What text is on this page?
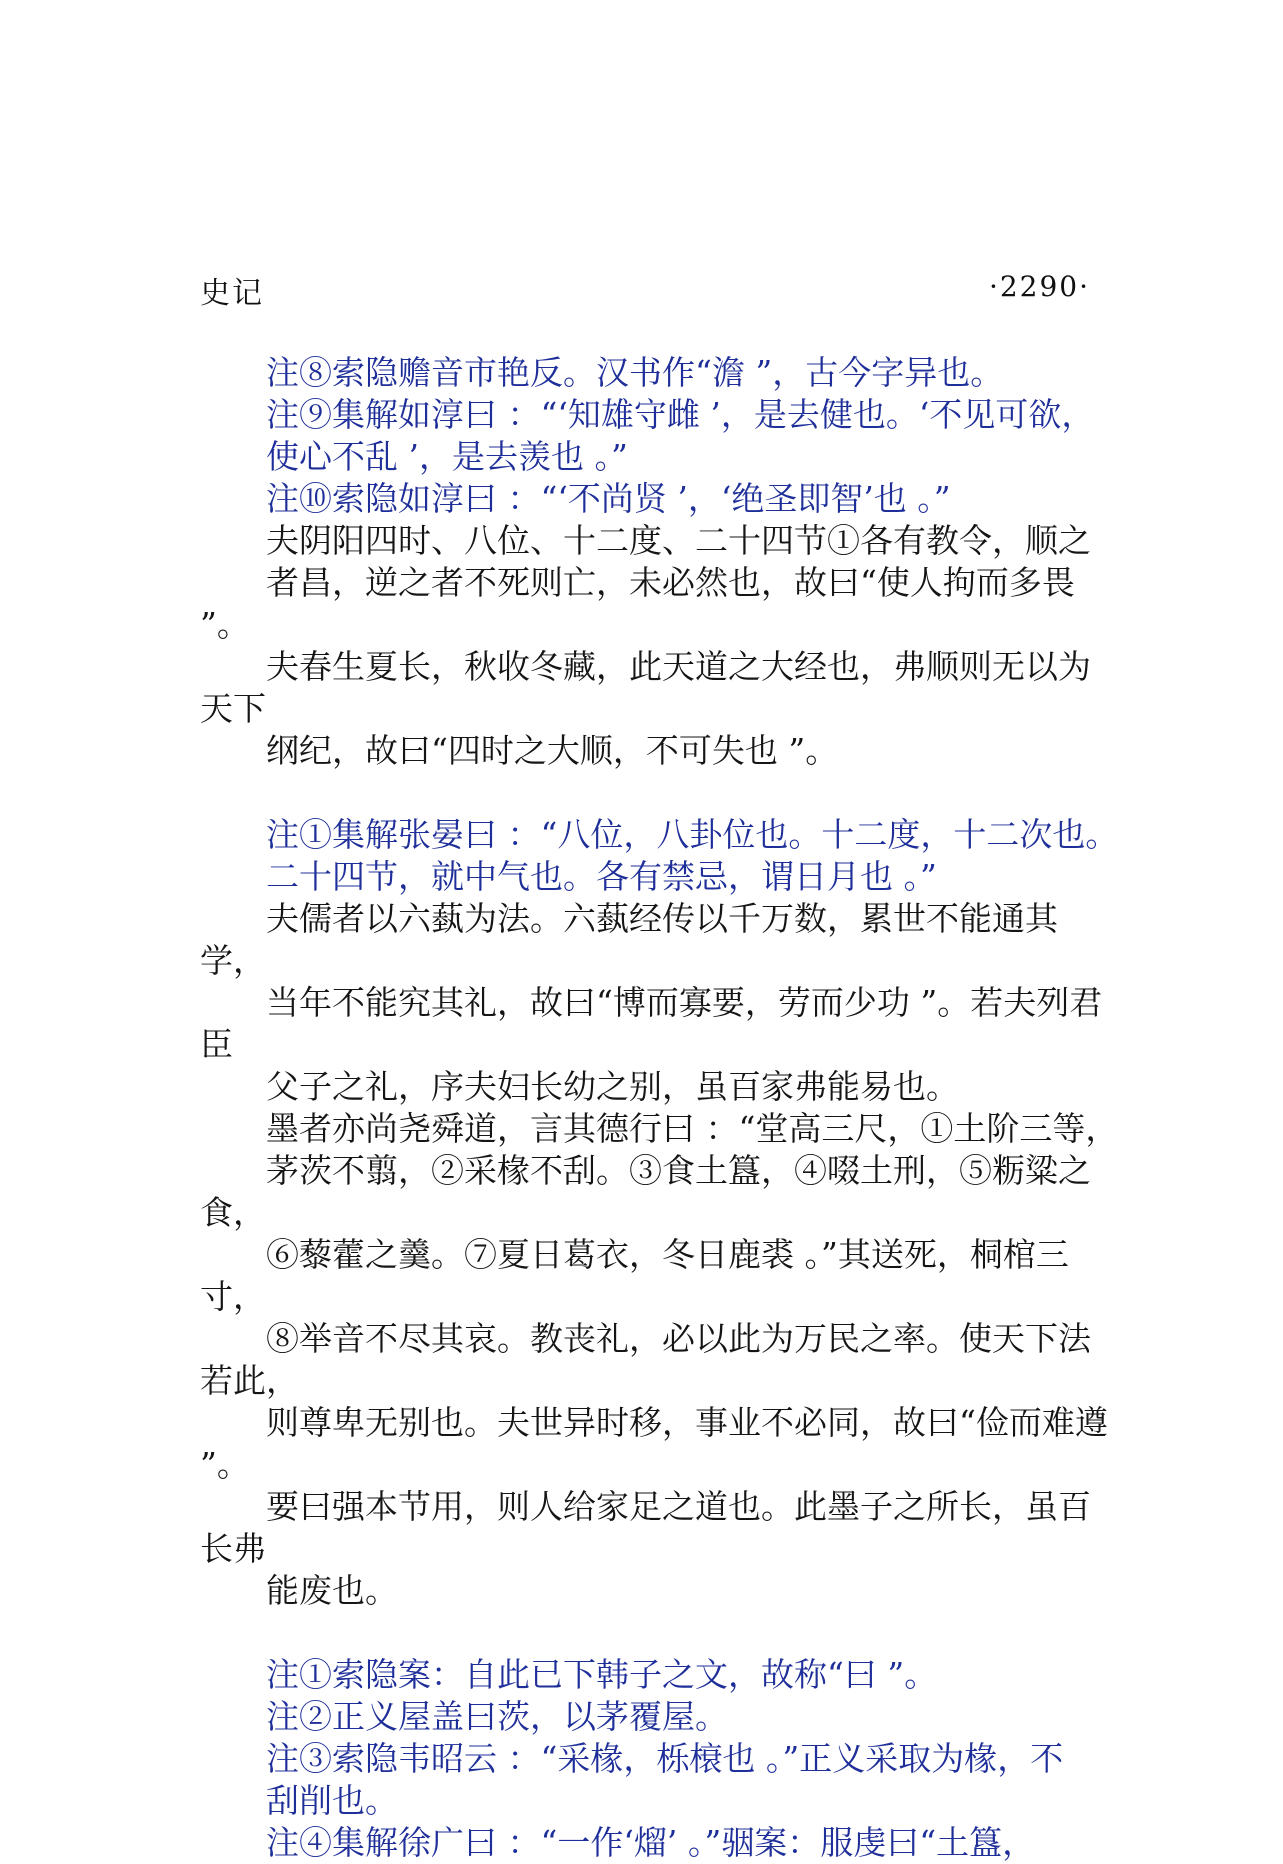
史记	·2290·

注⑧索隐赡音市艳反。汉书作“澹 ”，古今字异也。

注⑨集解如淳曰 ：“‘知雄守雌 ’，是去健也。‘不见可欲，
使心不乱 ’，是去羡也 。”

注⑩索隐如淳曰 ：“‘不尚贤 ’，‘绝圣即智’也 。”

夫阴阳四时、八位、十二度、二十四节①各有教令，顺之
者昌，逆之者不死则亡，未必然也，故曰“使人拘而多畏 ”。
夫春生夏长，秋收冬藏，此天道之大经也，弗顺则无以为天下
纲纪，故曰“四时之大顺，不可失也 ”。

注①集解张晏曰 ：“八位，八卦位也。十二度，十二次也。
二十四节，就中气也。各有禁忌，谓日月也 。”

夫儒者以六蓺为法。六蓺经传以千万数，累世不能通其学，
当年不能究其礼，故曰“博而寡要，劳而少功 ”。若夫列君臣
父子之礼，序夫妇长幼之别，虽百家弗能易也。

墨者亦尚尧舜道，言其德行曰 ：“堂高三尺，①土阶三等，
茅茨不翦，②采椽不刮。③食土簋，④啜土刑，⑤粝粱之食，
⑥藜藿之羹。⑦夏日葛衣，冬日鹿裘 。”其送死，桐棺三寸，
⑧举音不尽其哀。教丧礼，必以此为万民之率。使天下法若此，
则尊卑无别也。夫世异时移，事业不必同，故曰“俭而难遵 ”。
要曰强本节用，则人给家足之道也。此墨子之所长，虽百长弗
能废也。

注①索隐案：自此已下韩子之文，故称“曰 ”。

注②正义屋盖曰茨，以茅覆屋。

注③索隐韦昭云 ：“采椽，栎榱也 。”正义采取为椽，不
刮削也。

注④集解徐广曰 ：“一作‘熘’ 。”骃案：服虔曰“土簋，
